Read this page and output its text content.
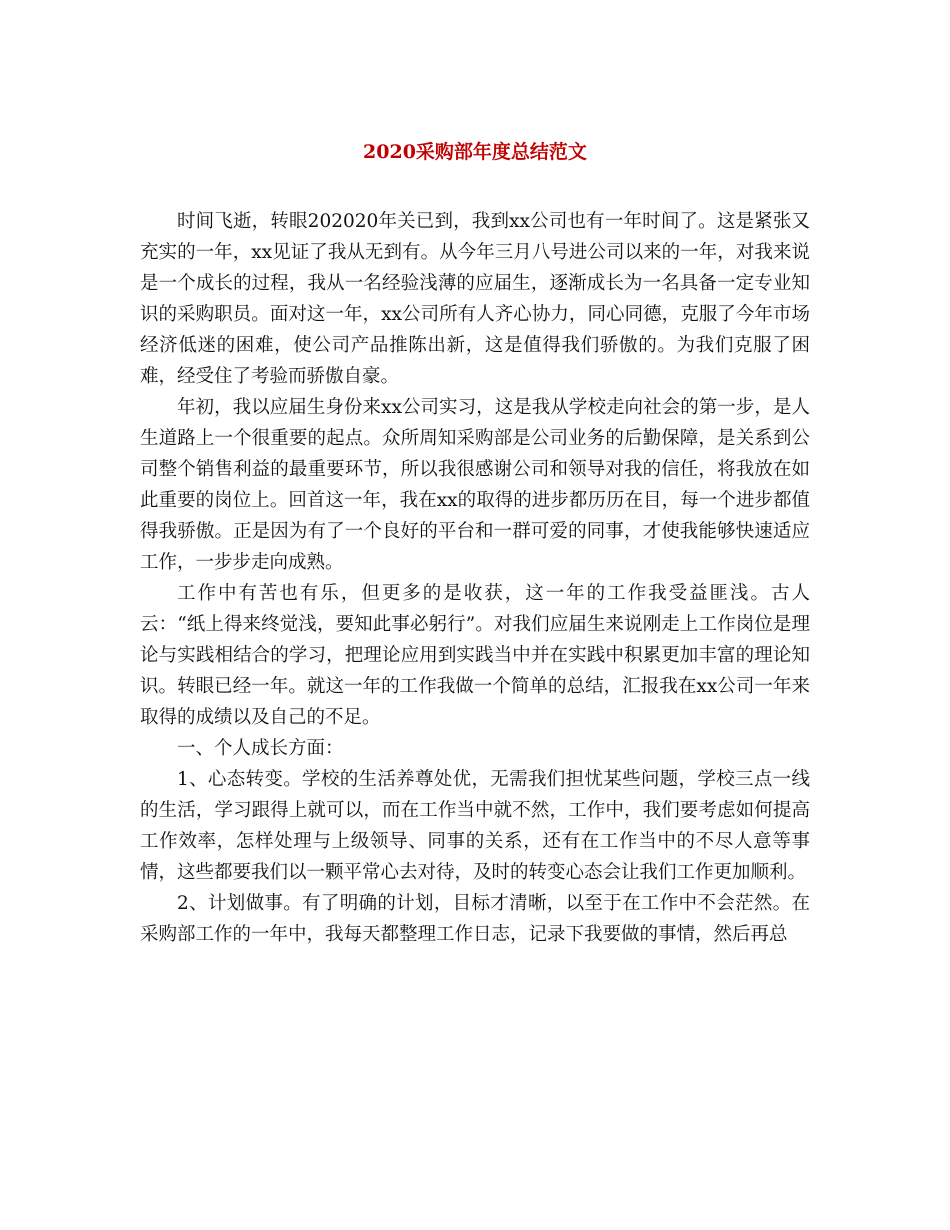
2020采购部年度总结范文

时间飞逝，转眼202020年关已到，我到xx公司也有一年时间了。这是紧张又充实的一年，xx见证了我从无到有。从今年三月八号进公司以来的一年，对我来说是一个成长的过程，我从一名经验浅薄的应届生，逐渐成长为一名具备一定专业知识的采购职员。面对这一年，xx公司所有人齐心协力，同心同德，克服了今年市场经济低迷的困难，使公司产品推陈出新，这是值得我们骄傲的。为我们克服了困难，经受住了考验而骄傲自豪。

年初，我以应届生身份来xx公司实习，这是我从学校走向社会的第一步，是人生道路上一个很重要的起点。众所周知采购部是公司业务的后勤保障，是关系到公司整个销售利益的最重要环节，所以我很感谢公司和领导对我的信任，将我放在如此重要的岗位上。回首这一年，我在xx的取得的进步都历历在目，每一个进步都值得我骄傲。正是因为有了一个良好的平台和一群可爱的同事，才使我能够快速适应工作，一步步走向成熟。

工作中有苦也有乐，但更多的是收获，这一年的工作我受益匪浅。古人云：“纸上得来终觉浅，要知此事必躬行”。对我们应届生来说刚走上工作岗位是理论与实践相结合的学习，把理论应用到实践当中并在实践中积累更加丰富的理论知识。转眼已经一年。就这一年的工作我做一个简单的总结，汇报我在xx公司一年来取得的成绩以及自己的不足。

一、个人成长方面：

1、心态转变。学校的生活养尊处优，无需我们担忧某些问题，学校三点一线的生活，学习跟得上就可以，而在工作当中就不然，工作中，我们要考虑如何提高工作效率，怎样处理与上级领导、同事的关系，还有在工作当中的不尽人意等事情，这些都要我们以一颗平常心去对待，及时的转变心态会让我们工作更加顺利。

2、计划做事。有了明确的计划，目标才清晰，以至于在工作中不会茫然。在采购部工作的一年中，我每天都整理工作日志，记录下我要做的事情，然后再总
